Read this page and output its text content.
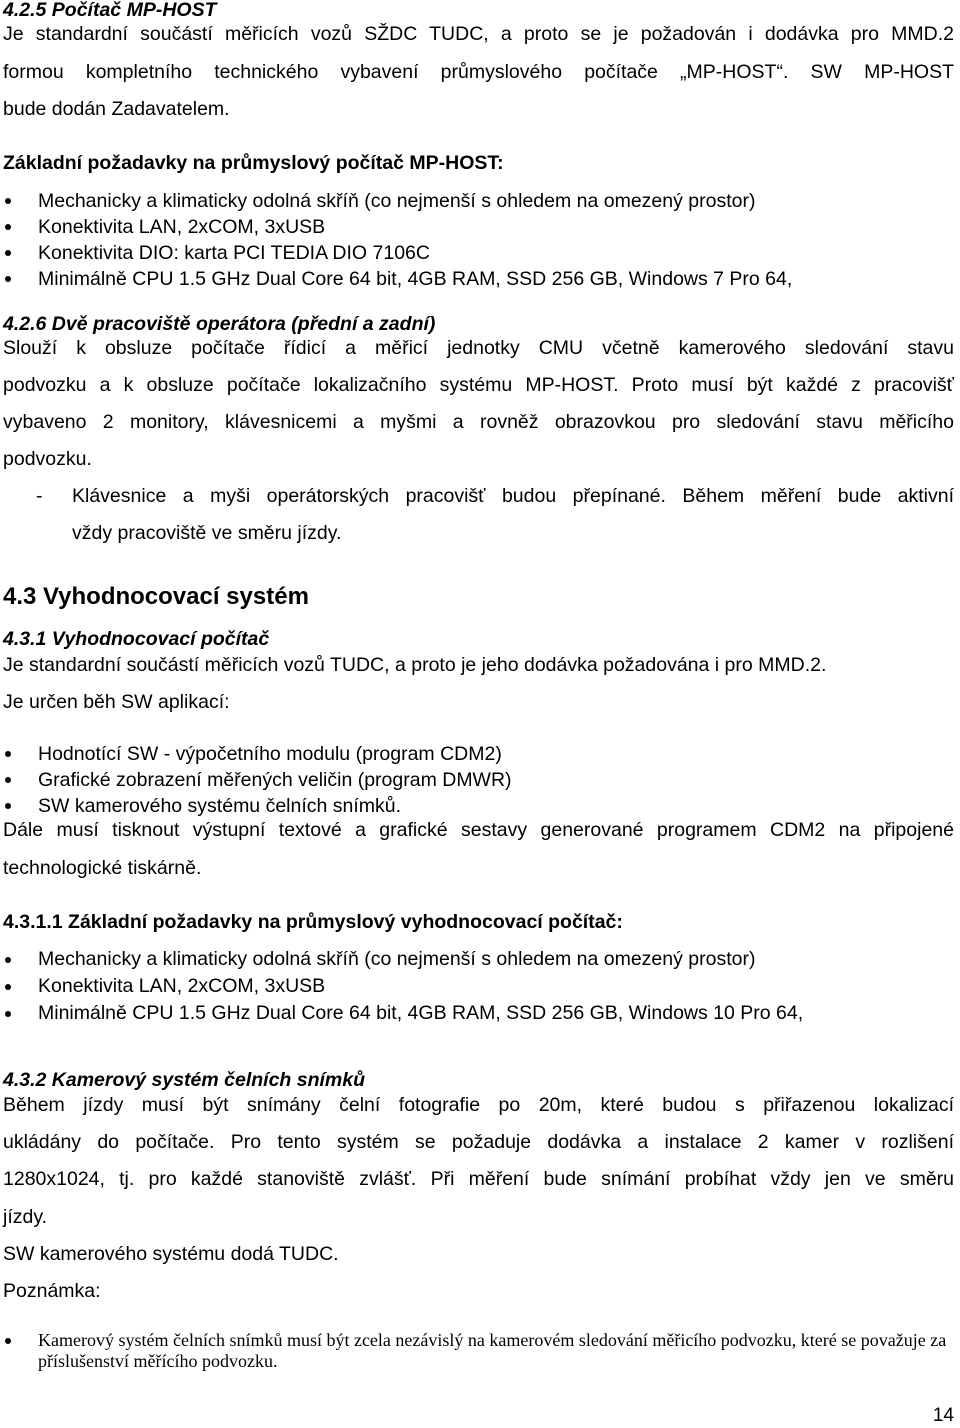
4.2.5 Počítač MP-HOST
Je standardní součástí měřicích vozů SŽDC TUDC, a proto se je požadován i dodávka pro MMD.2
formou kompletního technického vybavení průmyslového počítače „MP-HOST“. SW MP-HOST
bude dodán Zadavatelem.
Základní požadavky na průmyslový počítač MP-HOST:
Mechanicky a klimaticky odolná skříň (co nejmenší s ohledem na omezený prostor)
Konektivita LAN, 2xCOM, 3xUSB
Konektivita DIO: karta PCI TEDIA DIO 7106C
Minimálně CPU 1.5 GHz Dual Core 64 bit, 4GB RAM, SSD 256 GB, Windows 7 Pro 64,
4.2.6 Dvě pracoviště operátora (přední a zadní)
Slouží k obsluze počítače řídicí a měřicí jednotky CMU včetně kamerového sledování stavu
podvozku a k obsluze počítače lokalizačního systému MP-HOST. Proto musí být každé z pracovišť
vybaveno 2 monitory, klávesnicemi a myšmi a rovněž obrazovkou pro sledování stavu měřicího
podvozku.
- Klávesnice a myši operátorských pracovišť budou přepínané. Během měření bude aktivní
vždy pracoviště ve směru jízdy.
4.3 Vyhodnocovací systém
4.3.1 Vyhodnocovací počítač
Je standardní součástí měřicích vozů TUDC, a proto je jeho dodávka požadována i pro MMD.2.
Je určen běh SW aplikací:
Hodnotící SW - výpočetního modulu (program CDM2)
Grafické zobrazení měřených veličin (program DMWR)
SW kamerového systému čelních snímků.
Dále musí tisknout výstupní textové a grafické sestavy generované programem CDM2 na připojené
technologické tiskárně.
4.3.1.1 Základní požadavky na průmyslový vyhodnocovací počítač:
Mechanicky a klimaticky odolná skříň (co nejmenší s ohledem na omezený prostor)
Konektivita LAN, 2xCOM, 3xUSB
Minimálně CPU 1.5 GHz Dual Core 64 bit, 4GB RAM, SSD 256 GB, Windows 10 Pro 64,
4.3.2 Kamerový systém čelních snímků
Během jízdy musí být snímány čelní fotografie po 20m, které budou s přiřazenou lokalizací
ukládány do počítače. Pro tento systém se požaduje dodávka a instalace 2 kamer v rozlišení
1280x1024, tj. pro každé stanoviště zvlášť. Při měření bude snímání probíhat vždy jen ve směru
jízdy.
SW kamerového systému dodá TUDC.
Poznámka:
Kamerový systém čelních snímků musí být zcela nezávislý na kamerovém sledování měřicího podvozku, které se považuje za příslušenství měřícího podvozku.
14
